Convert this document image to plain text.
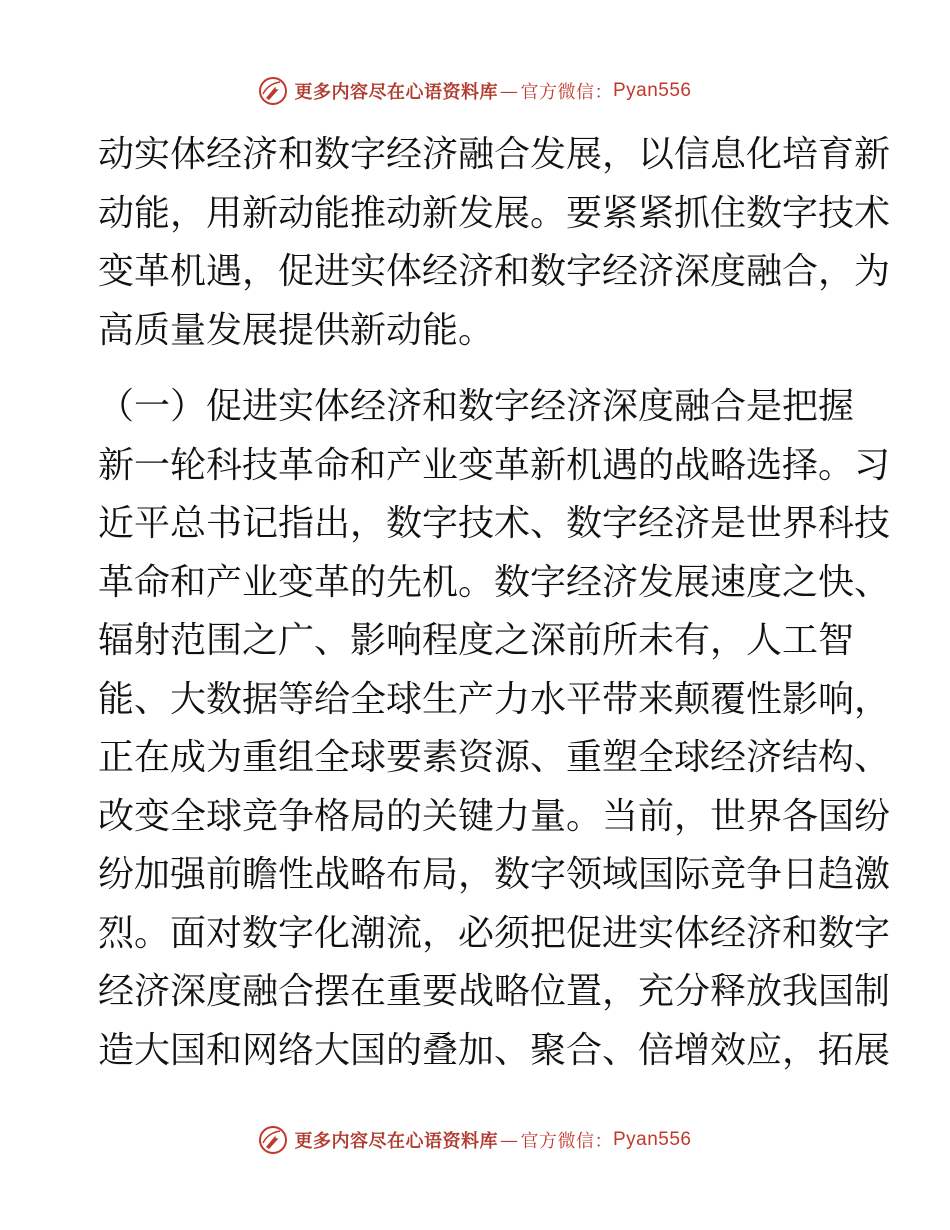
更多内容尽在心语资料库 — 官方微信： Pyan556
动实体经济和数字经济融合发展，以信息化培育新
动能，用新动能推动新发展。要紧紧抓住数字技术
变革机遇，促进实体经济和数字经济深度融合，为
高质量发展提供新动能。
（一）促进实体经济和数字经济深度融合是把握
新一轮科技革命和产业变革新机遇的战略选择。习
近平总书记指出，数字技术、数字经济是世界科技
革命和产业变革的先机。数字经济发展速度之快、
辐射范围之广、影响程度之深前所未有，人工智
能、大数据等给全球生产力水平带来颠覆性影响，
正在成为重组全球要素资源、重塑全球经济结构、
改变全球竞争格局的关键力量。当前，世界各国纷
纷加强前瞻性战略布局，数字领域国际竞争日趋激
烈。面对数字化潮流，必须把促进实体经济和数字
经济深度融合摆在重要战略位置，充分释放我国制
造大国和网络大国的叠加、聚合、倍增效应，拓展
更多内容尽在心语资料库 — 官方微信： Pyan556
